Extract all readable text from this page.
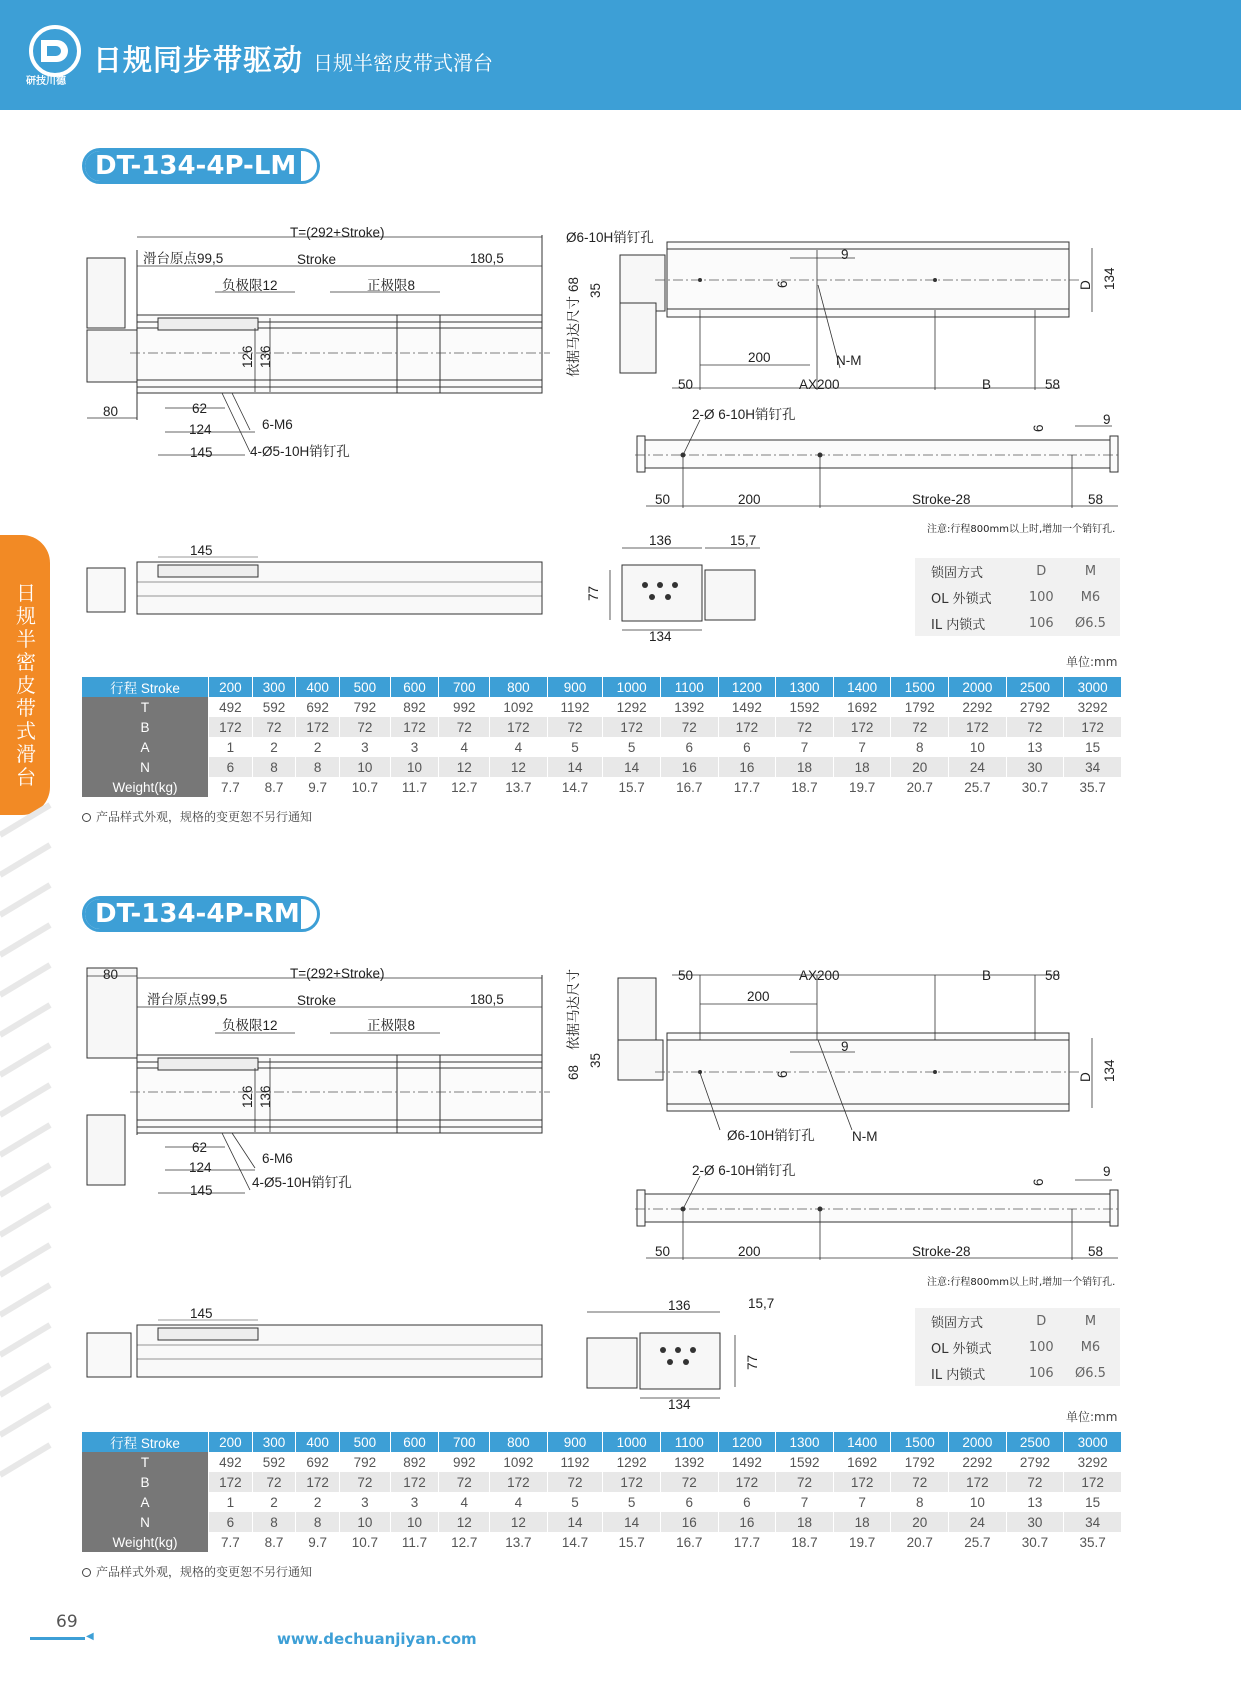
研技川德
日规同步带驱动 日规半密皮带式滑台
日规半密皮带式滑台
DT-134-4P-LM
T=(292+Stroke)
滑台原点99,5	Stroke	180,5
负极限12	正极限8
126 136
80	62
124
145
6-M6
4-Ø5-10H销钉孔
Ø6-10H销钉孔
68 35
依据马达尺寸
9
6	D 134
200	N-M
50	AX200	B	58
2-Ø 6-10H销钉孔
6
9
50	200	Stroke-28	58
注意:行程800mm以上时,增加一个销钉孔.
145
136	15,7
77
134
锁固方式	D	M
OL 外锁式	100	M6
IL 内锁式	106	Ø6.5
单位:mm
行程 Stroke	200	300	400	500	600	700	800	900	1000	1100	1200	1300	1400	1500	2000	2500	3000
T	492	592	692	792	892	992	1092	1192	1292	1392	1492	1592	1692	1792	2292	2792	3292
B	172	72	172	72	172	72	172	72	172	72	172	72	172	72	172	72	172
A	1	2	2	3	3	4	4	5	5	6	6	7	7	8	10	13	15
N	6	8	8	10	10	12	12	14	14	16	16	18	18	20	24	30	34
Weight(kg)	7.7	8.7	9.7	10.7	11.7	12.7	13.7	14.7	15.7	16.7	17.7	18.7	19.7	20.7	25.7	30.7	35.7
产品样式外观，规格的变更恕不另行通知
DT-134-4P-RM
80	T=(292+Stroke)
滑台原点99,5	Stroke	180,5
负极限12	正极限8
126 136
62
124
145
6-M6
4-Ø5-10H销钉孔
依据马达尺寸
68
35
50	AX200	B	58
200
9
6	D 134
Ø6-10H销钉孔	N-M
2-Ø 6-10H销钉孔
6
9
50	200	Stroke-28	58
注意:行程800mm以上时,增加一个销钉孔.
145
136	15,7
77
134
锁固方式	D	M
OL 外锁式	100	M6
IL 内锁式	106	Ø6.5
单位:mm
行程 Stroke	200	300	400	500	600	700	800	900	1000	1100	1200	1300	1400	1500	2000	2500	3000
T	492	592	692	792	892	992	1092	1192	1292	1392	1492	1592	1692	1792	2292	2792	3292
B	172	72	172	72	172	72	172	72	172	72	172	72	172	72	172	72	172
A	1	2	2	3	3	4	4	5	5	6	6	7	7	8	10	13	15
N	6	8	8	10	10	12	12	14	14	16	16	18	18	20	24	30	34
Weight(kg)	7.7	8.7	9.7	10.7	11.7	12.7	13.7	14.7	15.7	16.7	17.7	18.7	19.7	20.7	25.7	30.7	35.7
产品样式外观，规格的变更恕不另行通知
69
◀	www.dechuanjiyan.com
